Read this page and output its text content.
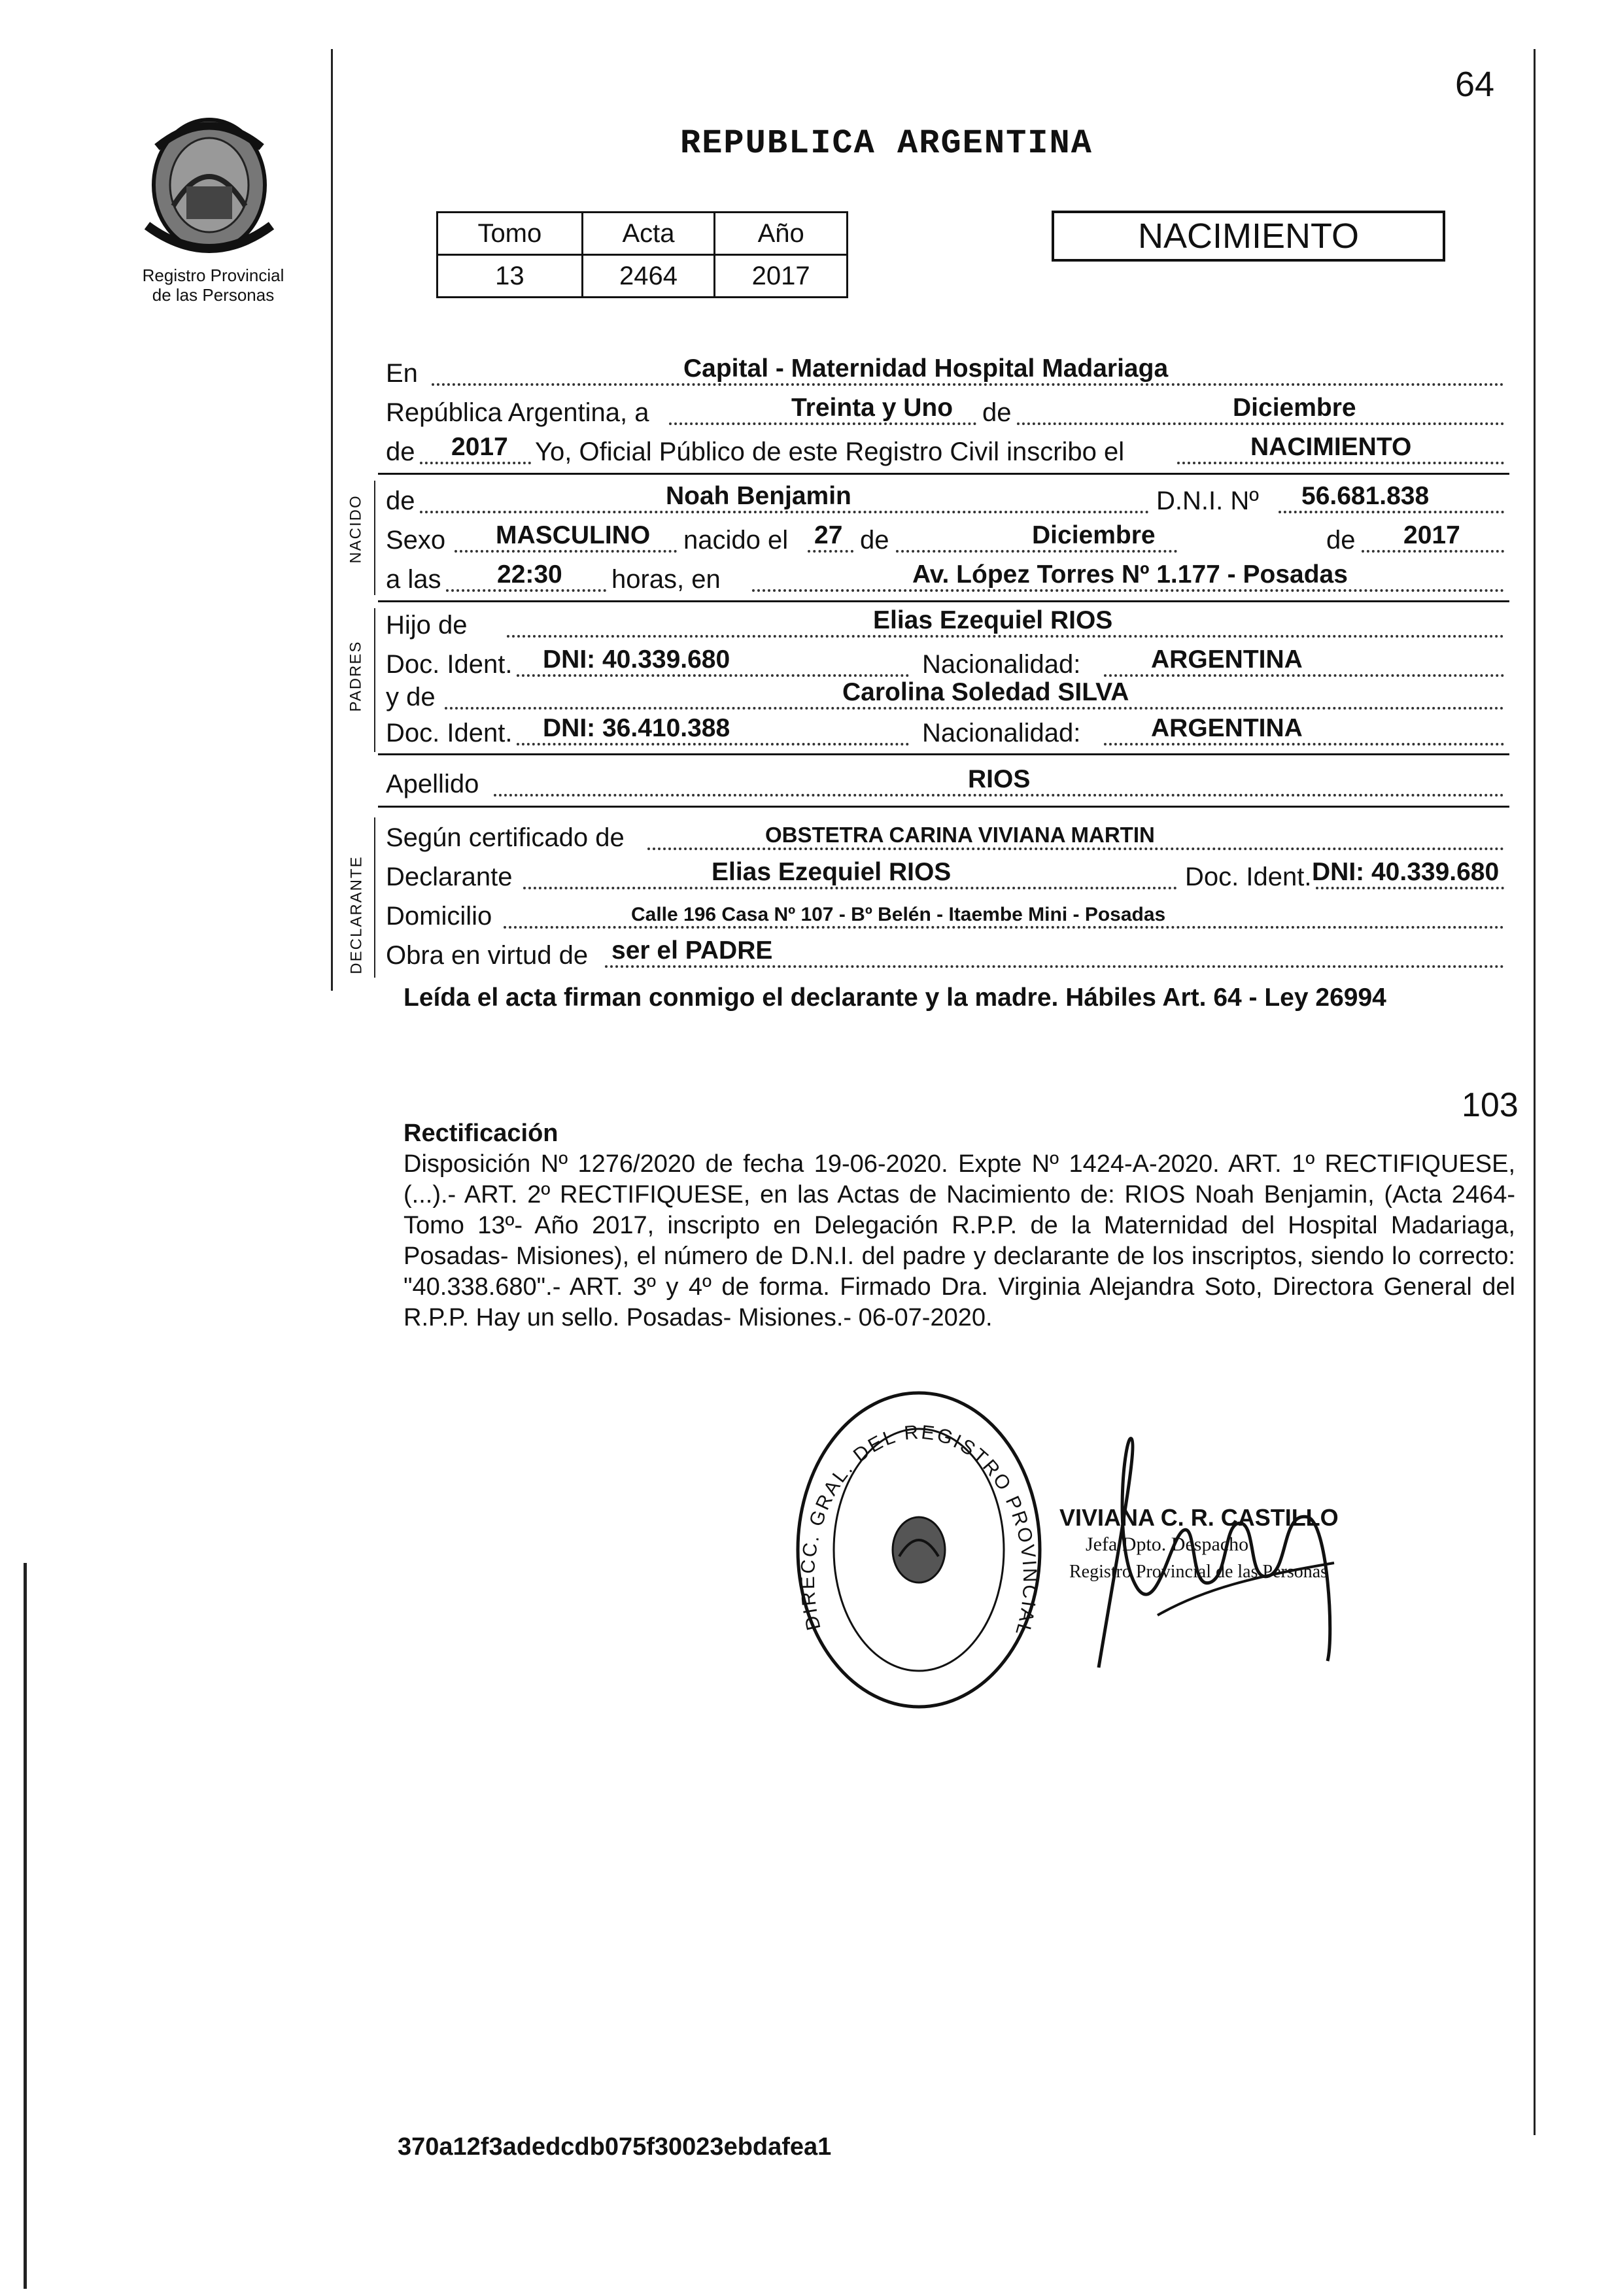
Registro Provincial
de las Personas
64
REPUBLICA ARGENTINA
Tomo	Acta	Año
13	2464	2017
NACIMIENTO
En	Capital - Maternidad Hospital Madariaga
República Argentina, a	Treinta y Uno de	Diciembre
de 2017 Yo, Oficial Público de este Registro Civil inscribo el	NACIMIENTO
NACIDO de	Noah Benjamin	D.N.I. Nº 56.681.838
Sexo MASCULINO nacido el 27 de	Diciembre	de 2017
a las 22:30 horas, en	Av. López Torres Nº 1.177 - Posadas
PADRES
Hijo de	Elias Ezequiel RIOS
Doc. Ident. DNI: 40.339.680	Nacionalidad:	ARGENTINA
y de	Carolina Soledad SILVA
Doc. Ident. DNI: 36.410.388	Nacionalidad:	ARGENTINA
Apellido	RIOS
DECLARANTE
Según certificado de	OBSTETRA CARINA VIVIANA MARTIN
Declarante	Elias Ezequiel RIOS	Doc. Ident. DNI: 40.339.680
Domicilio	Calle 196 Casa Nº 107 - Bº Belén - Itaembe Mini - Posadas
Obra en virtud de ser el PADRE
Leída el acta firman conmigo el declarante y la madre. Hábiles Art. 64 - Ley 26994
103
Rectificación
Disposición Nº 1276/2020 de fecha 19-06-2020. Expte Nº 1424-A-2020. ART. 1º RECTIFIQUESE, (...).- ART. 2º RECTIFIQUESE, en las Actas de Nacimiento de: RIOS Noah Benjamin, (Acta 2464- Tomo 13º- Año 2017, inscripto en Delegación R.P.P. de la Maternidad del Hospital Madariaga, Posadas- Misiones), el número de D.N.I. del padre y declarante de los inscriptos, siendo lo correcto: "40.338.680".- ART. 3º y 4º de forma. Firmado Dra. Virginia Alejandra Soto, Directora General del R.P.P. Hay un sello. Posadas- Misiones.- 06-07-2020.
DIRECC. GRAL. DEL REGISTRO PROVINCIAL
VIVIANA C. R. CASTILLO
Jefa Dpto. Despacho
Registro Provincial de las Personas
370a12f3adedcdb075f30023ebdafea1
